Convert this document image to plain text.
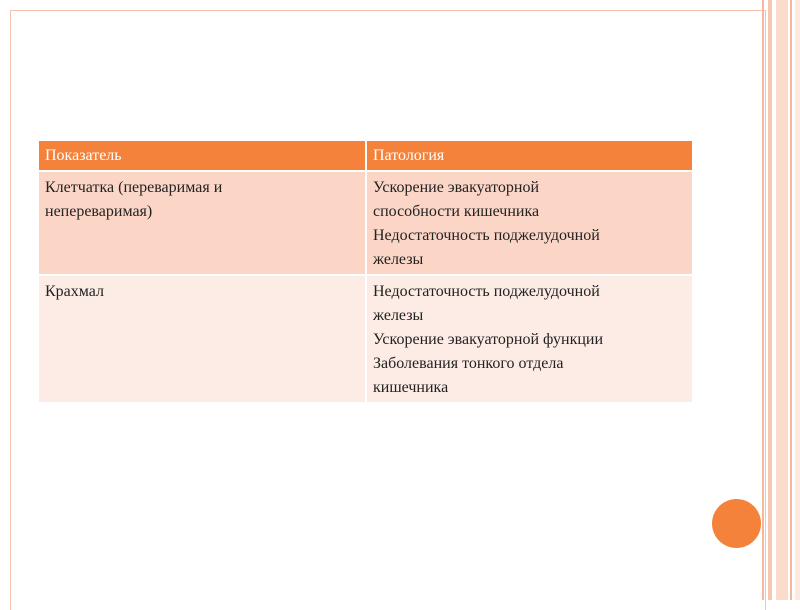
Показатель	Патология

Клетчатка (переваримая и
непереваримая)	Ускорение эвакуаторной
способности кишечника
Недостаточность поджелудочной
железы

Крахмал	Недостаточность поджелудочной
железы
Ускорение эвакуаторной функции
Заболевания тонкого отдела
кишечника
